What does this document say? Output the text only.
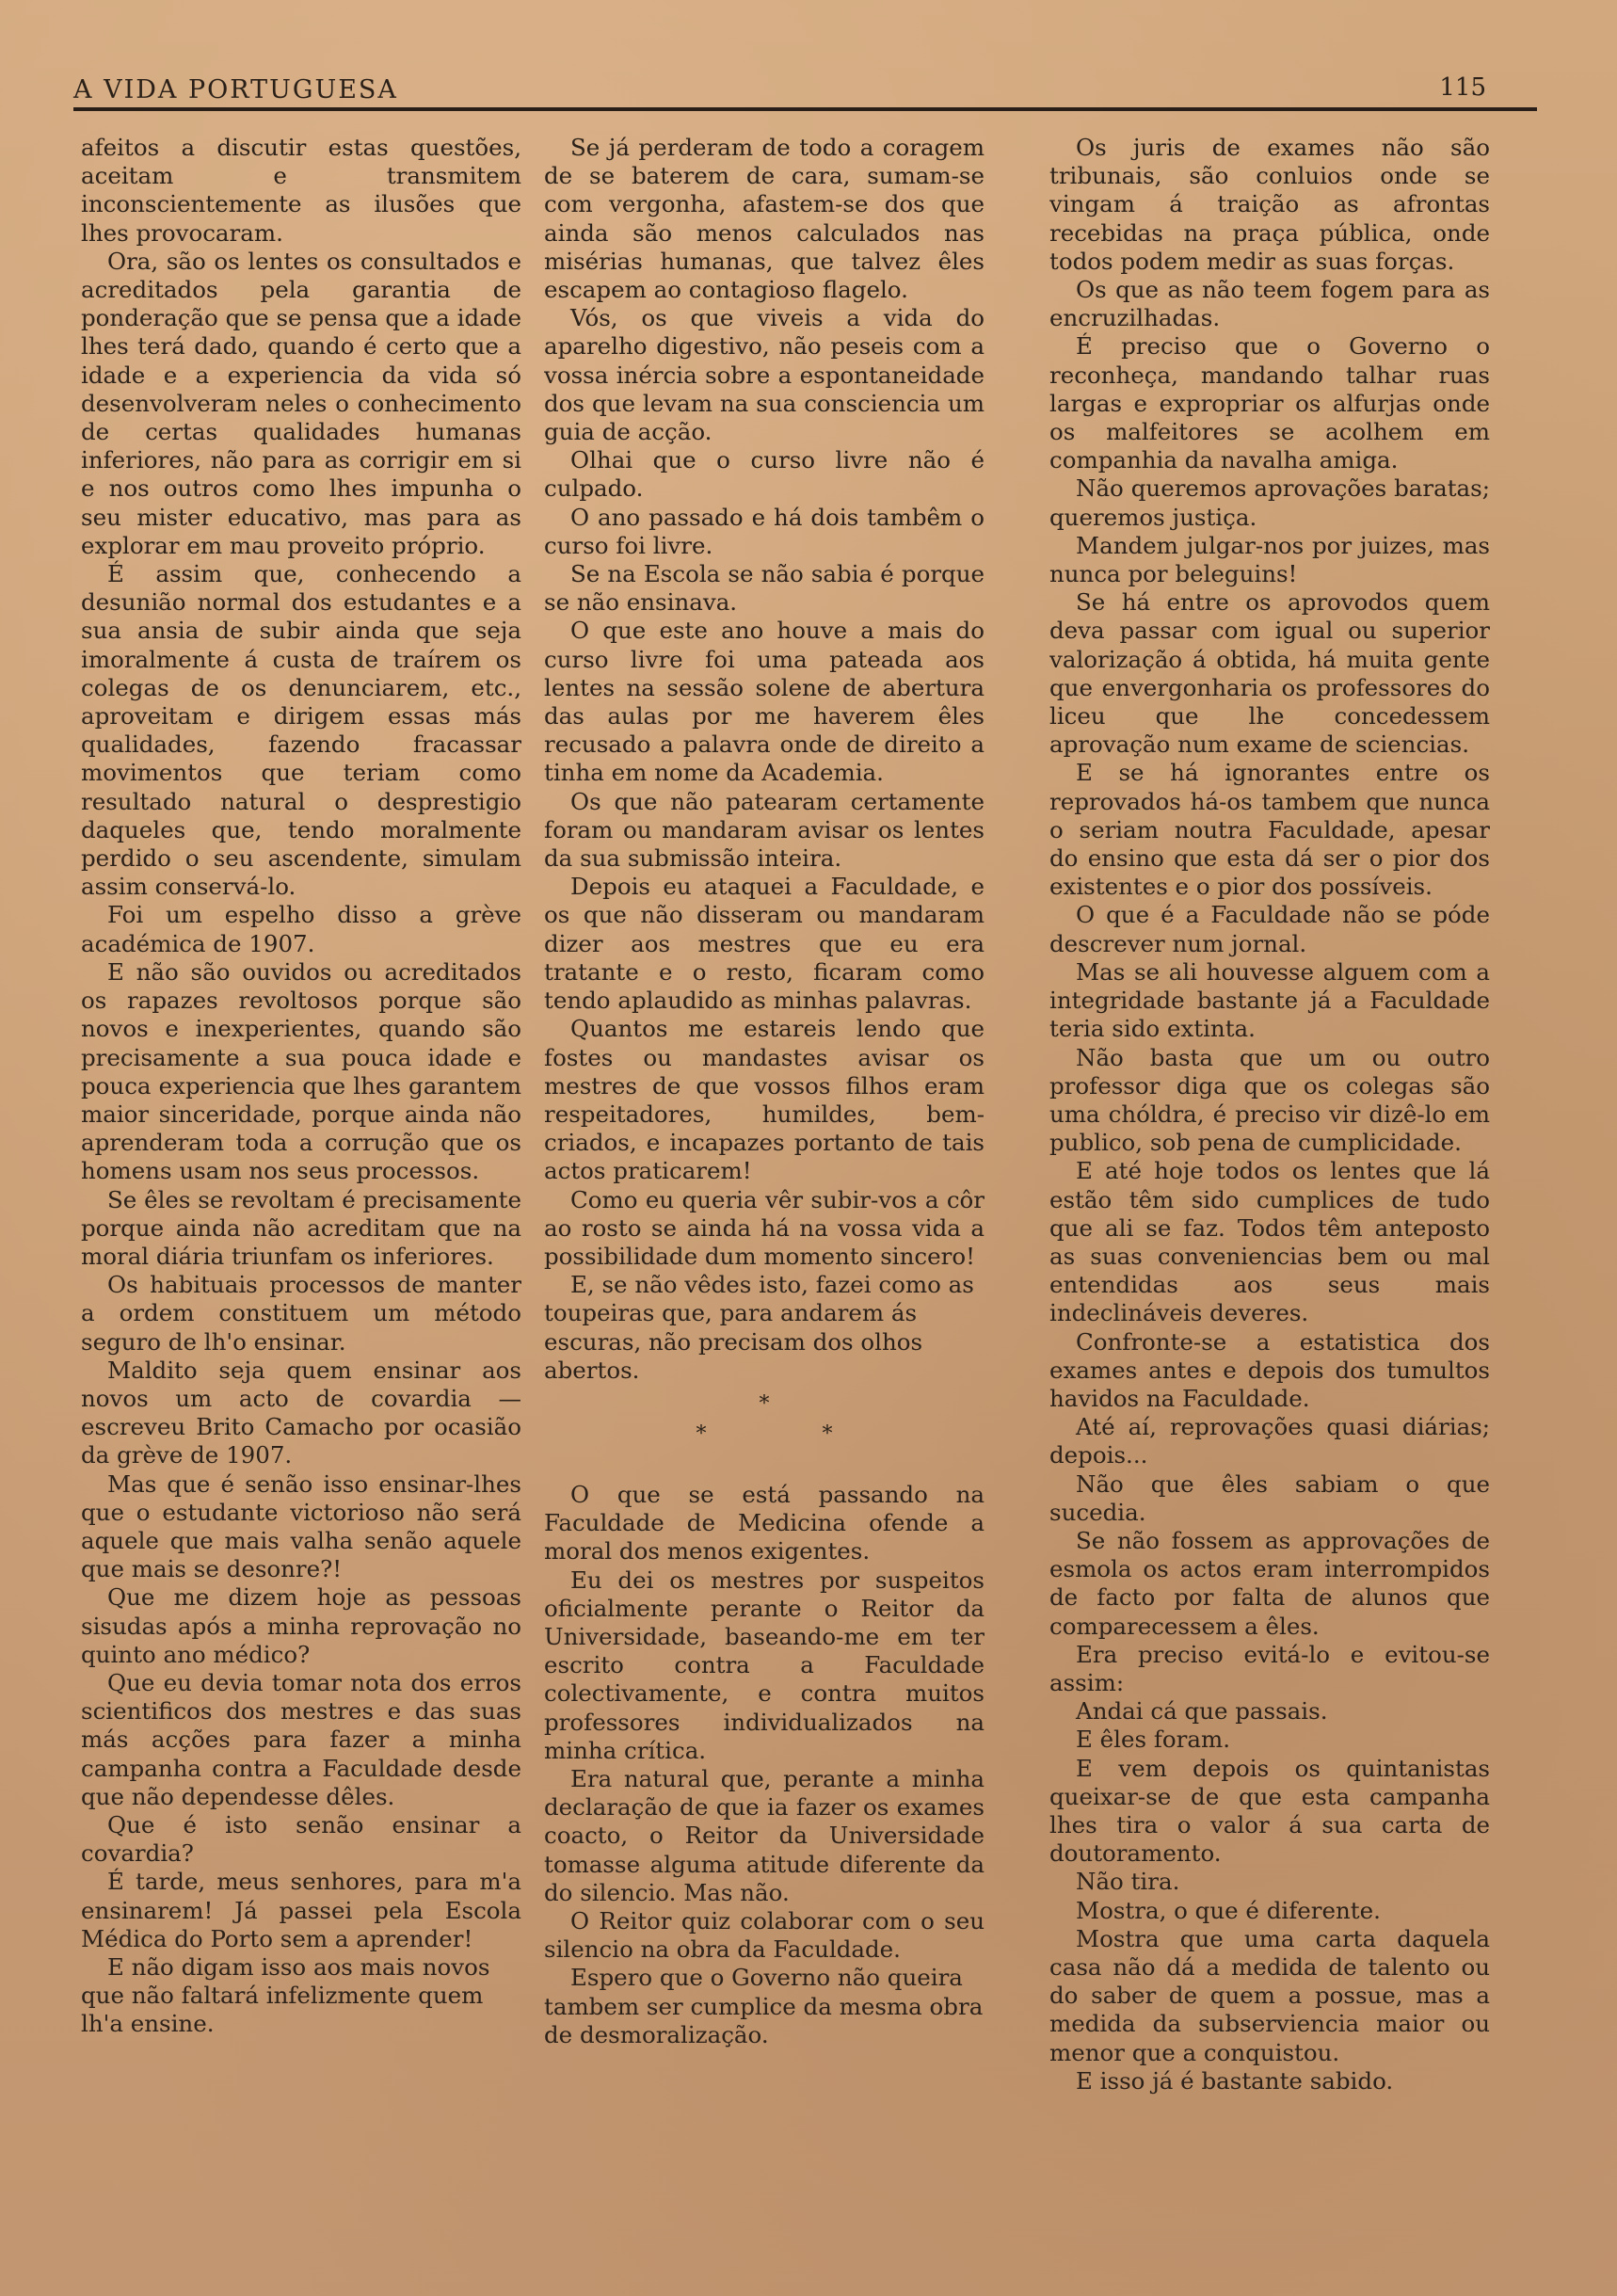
A VIDA PORTUGUESA	115

afeitos a discutir estas questões, aceitam e transmitem inconscientemente as ilusões que lhes provocaram.

Ora, são os lentes os consultados e acreditados pela garantia de ponderação que se pensa que a idade lhes terá dado, quando é certo que a idade e a experiencia da vida só desenvolveram neles o conhecimento de certas qualidades humanas inferiores, não para as corrigir em si e nos outros como lhes impunha o seu mister educativo, mas para as explorar em mau proveito próprio.

É assim que, conhecendo a desunião normal dos estudantes e a sua ansia de subir ainda que seja imoralmente á custa de traírem os colegas de os denunciarem, etc., aproveitam e dirigem essas más qualidades, fazendo fracassar movimentos que teriam como resultado natural o desprestigio daqueles que, tendo moralmente perdido o seu ascendente, simulam assim conservá-lo.

Foi um espelho disso a grève académica de 1907.

E não são ouvidos ou acreditados os rapazes revoltosos porque são novos e inexperientes, quando são precisamente a sua pouca idade e pouca experiencia que lhes garantem maior sinceridade, porque ainda não aprenderam toda a corrução que os homens usam nos seus processos.

Se êles se revoltam é precisamente porque ainda não acreditam que na moral diária triunfam os inferiores.

Os habituais processos de manter a ordem constituem um método seguro de lh'o ensinar.

Maldito seja quem ensinar aos novos um acto de covardia — escreveu Brito Camacho por ocasião da grève de 1907.

Mas que é senão isso ensinar-lhes que o estudante victorioso não será aquele que mais valha senão aquele que mais se desonre?!

Que me dizem hoje as pessoas sisudas após a minha reprovação no quinto ano médico?

Que eu devia tomar nota dos erros scientificos dos mestres e das suas más acções para fazer a minha campanha contra a Faculdade desde que não dependesse dêles.

Que é isto senão ensinar a covardia?

É tarde, meus senhores, para m'a ensinarem! Já passei pela Escola Médica do Porto sem a aprender!

E não digam isso aos mais novos que não faltará infelizmente quem lh'a ensine.

Se já perderam de todo a coragem de se baterem de cara, sumam-se com vergonha, afastem-se dos que ainda são menos calculados nas misérias humanas, que talvez êles escapem ao contagioso flagelo.

Vós, os que viveis a vida do aparelho digestivo, não peseis com a vossa inércia sobre a espontaneidade dos que levam na sua consciencia um guia de acção.

Olhai que o curso livre não é culpado.

O ano passado e há dois tambêm o curso foi livre.

Se na Escola se não sabia é porque se não ensinava.

O que este ano houve a mais do curso livre foi uma pateada aos lentes na sessão solene de abertura das aulas por me haverem êles recusado a palavra onde de direito a tinha em nome da Academia.

Os que não patearam certamente foram ou mandaram avisar os lentes da sua submissão inteira.

Depois eu ataquei a Faculdade, e os que não disseram ou mandaram dizer aos mestres que eu era tratante e o resto, ficaram como tendo aplaudido as minhas palavras.

Quantos me estareis lendo que fostes ou mandastes avisar os mestres de que vossos filhos eram respeitadores, humildes, bem-criados, e incapazes portanto de tais actos praticarem!

Como eu queria vêr subir-vos a côr ao rosto se ainda há na vossa vida a possibilidade dum momento sincero!

E, se não vêdes isto, fazei como as toupeiras que, para andarem ás escuras, não precisam dos olhos abertos.

*
* *

O que se está passando na Faculdade de Medicina ofende a moral dos menos exigentes.

Eu dei os mestres por suspeitos oficialmente perante o Reitor da Universidade, baseando-me em ter escrito contra a Faculdade colectivamente, e contra muitos professores individualizados na minha crítica.

Era natural que, perante a minha declaração de que ia fazer os exames coacto, o Reitor da Universidade tomasse alguma atitude diferente da do silencio. Mas não.

O Reitor quiz colaborar com o seu silencio na obra da Faculdade.

Espero que o Governo não queira tambem ser cumplice da mesma obra de desmoralização.

Os juris de exames não são tribunais, são conluios onde se vingam á traição as afrontas recebidas na praça pública, onde todos podem medir as suas forças.

Os que as não teem fogem para as encruzilhadas.

É preciso que o Governo o reconheça, mandando talhar ruas largas e expropriar os alfurjas onde os malfeitores se acolhem em companhia da navalha amiga.

Não queremos aprovações baratas; queremos justiça.

Mandem julgar-nos por juizes, mas nunca por beleguins!

Se há entre os aprovodos quem deva passar com igual ou superior valorização á obtida, há muita gente que envergonharia os professores do liceu que lhe concedessem aprovação num exame de sciencias.

E se há ignorantes entre os reprovados há-os tambem que nunca o seriam noutra Faculdade, apesar do ensino que esta dá ser o pior dos existentes e o pior dos possíveis.

O que é a Faculdade não se póde descrever num jornal.

Mas se ali houvesse alguem com a integridade bastante já a Faculdade teria sido extinta.

Não basta que um ou outro professor diga que os colegas são uma chóldra, é preciso vir dizê-lo em publico, sob pena de cumplicidade.

E até hoje todos os lentes que lá estão têm sido cumplices de tudo que ali se faz. Todos têm anteposto as suas conveniencias bem ou mal entendidas aos seus mais indeclináveis deveres.

Confronte-se a estatistica dos exames antes e depois dos tumultos havidos na Faculdade.

Até aí, reprovações quasi diárias; depois...

Não que êles sabiam o que sucedia.

Se não fossem as approvações de esmola os actos eram interrompidos de facto por falta de alunos que comparecessem a êles.

Era preciso evitá-lo e evitou-se assim:

Andai cá que passais.

E êles foram.

E vem depois os quintanistas queixar-se de que esta campanha lhes tira o valor á sua carta de doutoramento.

Não tira.

Mostra, o que é diferente.

Mostra que uma carta daquela casa não dá a medida de talento ou do saber de quem a possue, mas a medida da subserviencia maior ou menor que a conquistou.

E isso já é bastante sabido.
